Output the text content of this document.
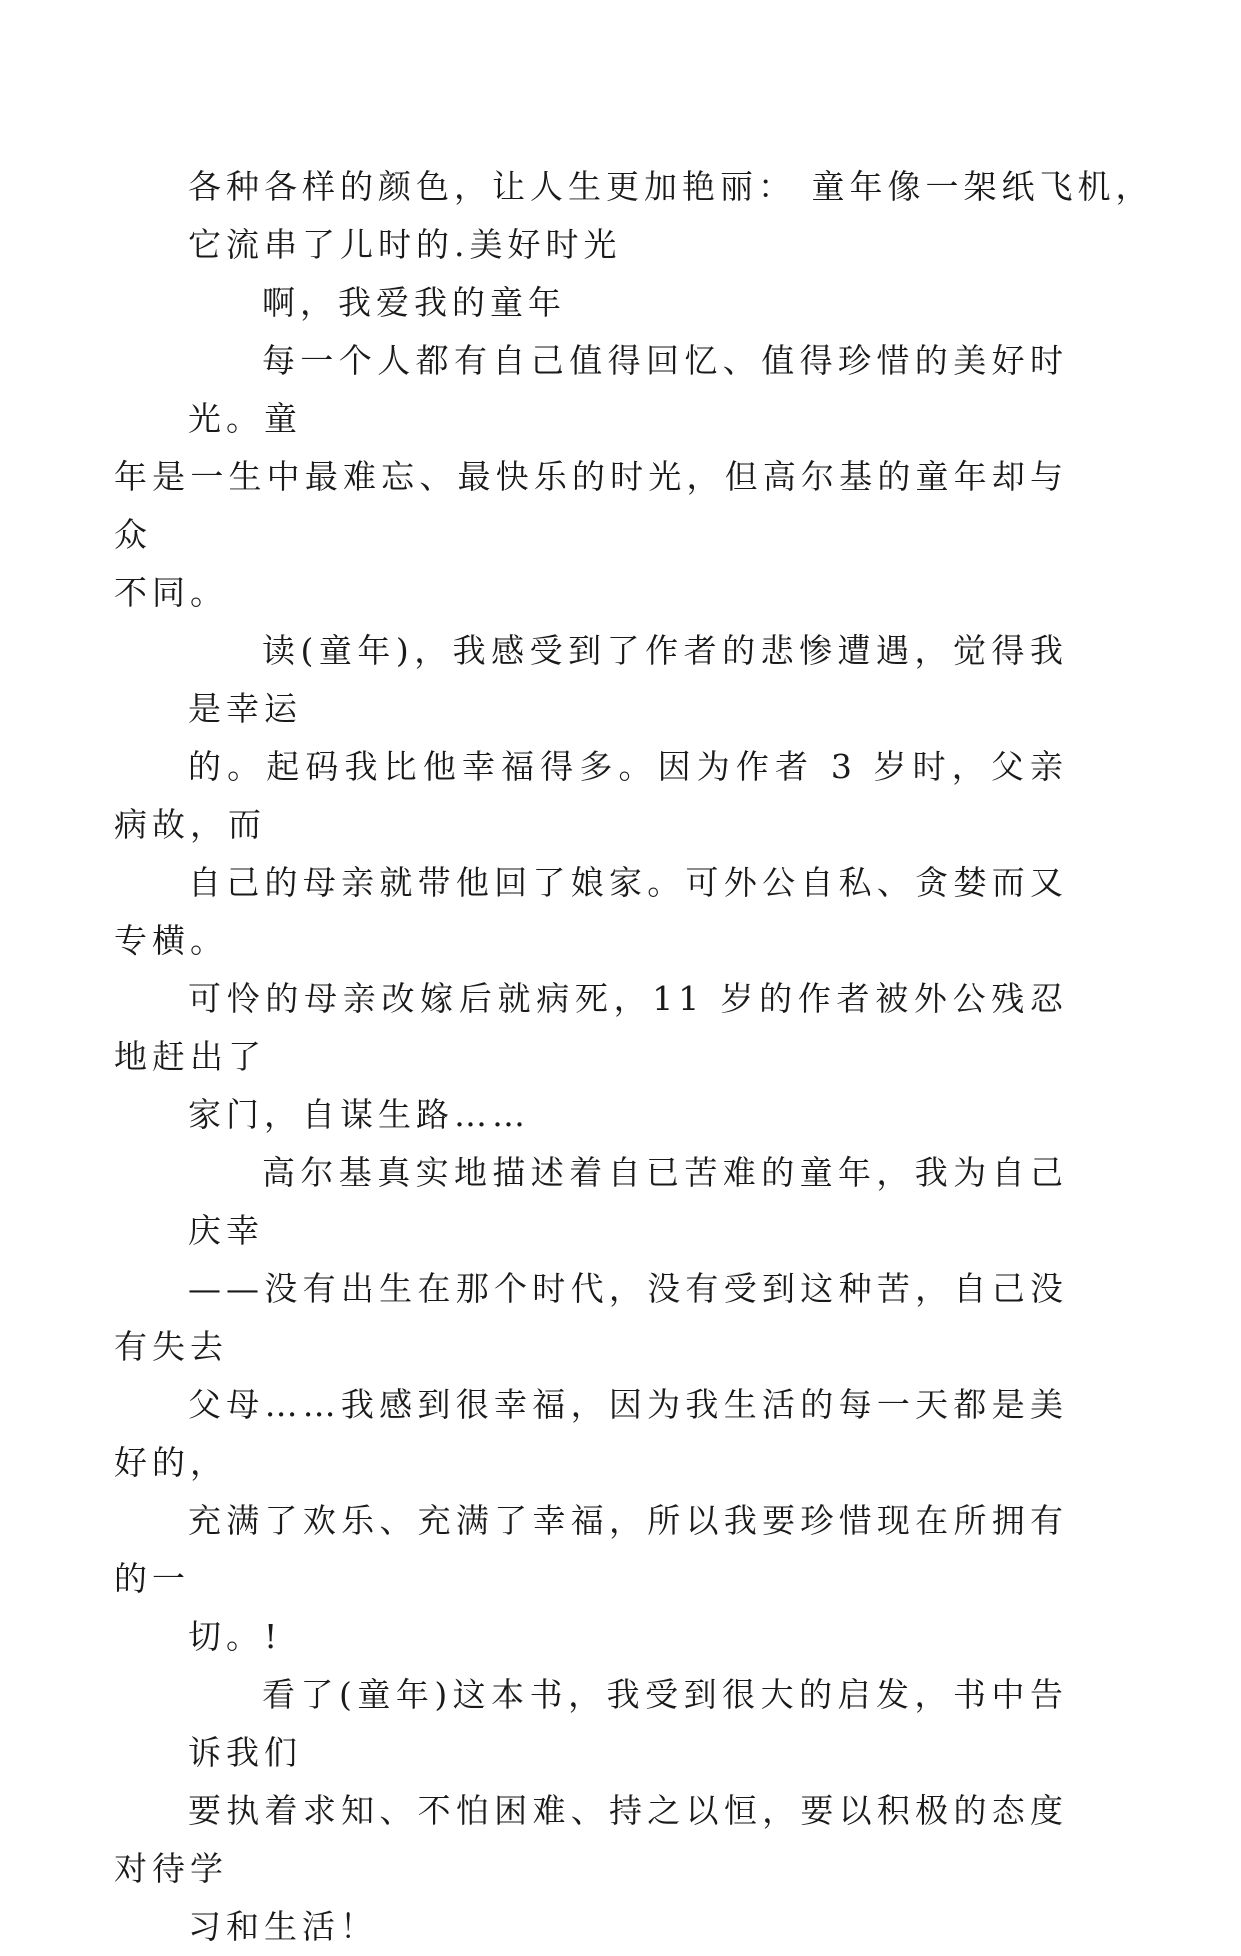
各种各样的颜色，让人生更加艳丽： 童年像一架纸飞机，
它流串了儿时的.美好时光

啊，我爱我的童年

每一个人都有自己值得回忆、值得珍惜的美好时光。童
年是一生中最难忘、最快乐的时光，但高尔基的童年却与众
不同。

读(童年)，我感受到了作者的悲惨遭遇，觉得我是幸运
的。起码我比他幸福得多。因为作者 3 岁时，父亲病故，而
自己的母亲就带他回了娘家。可外公自私、贪婪而又专横。
可怜的母亲改嫁后就病死，11 岁的作者被外公残忍地赶出了
家门，自谋生路……

高尔基真实地描述着自已苦难的童年，我为自己庆幸
——没有出生在那个时代，没有受到这种苦，自己没有失去
父母……我感到很幸福，因为我生活的每一天都是美好的，
充满了欢乐、充满了幸福，所以我要珍惜现在所拥有的一
切。!

看了(童年)这本书，我受到很大的启发，书中告诉我们
要执着求知、不怕困难、持之以恒，要以积极的态度对待学
习和生活！
